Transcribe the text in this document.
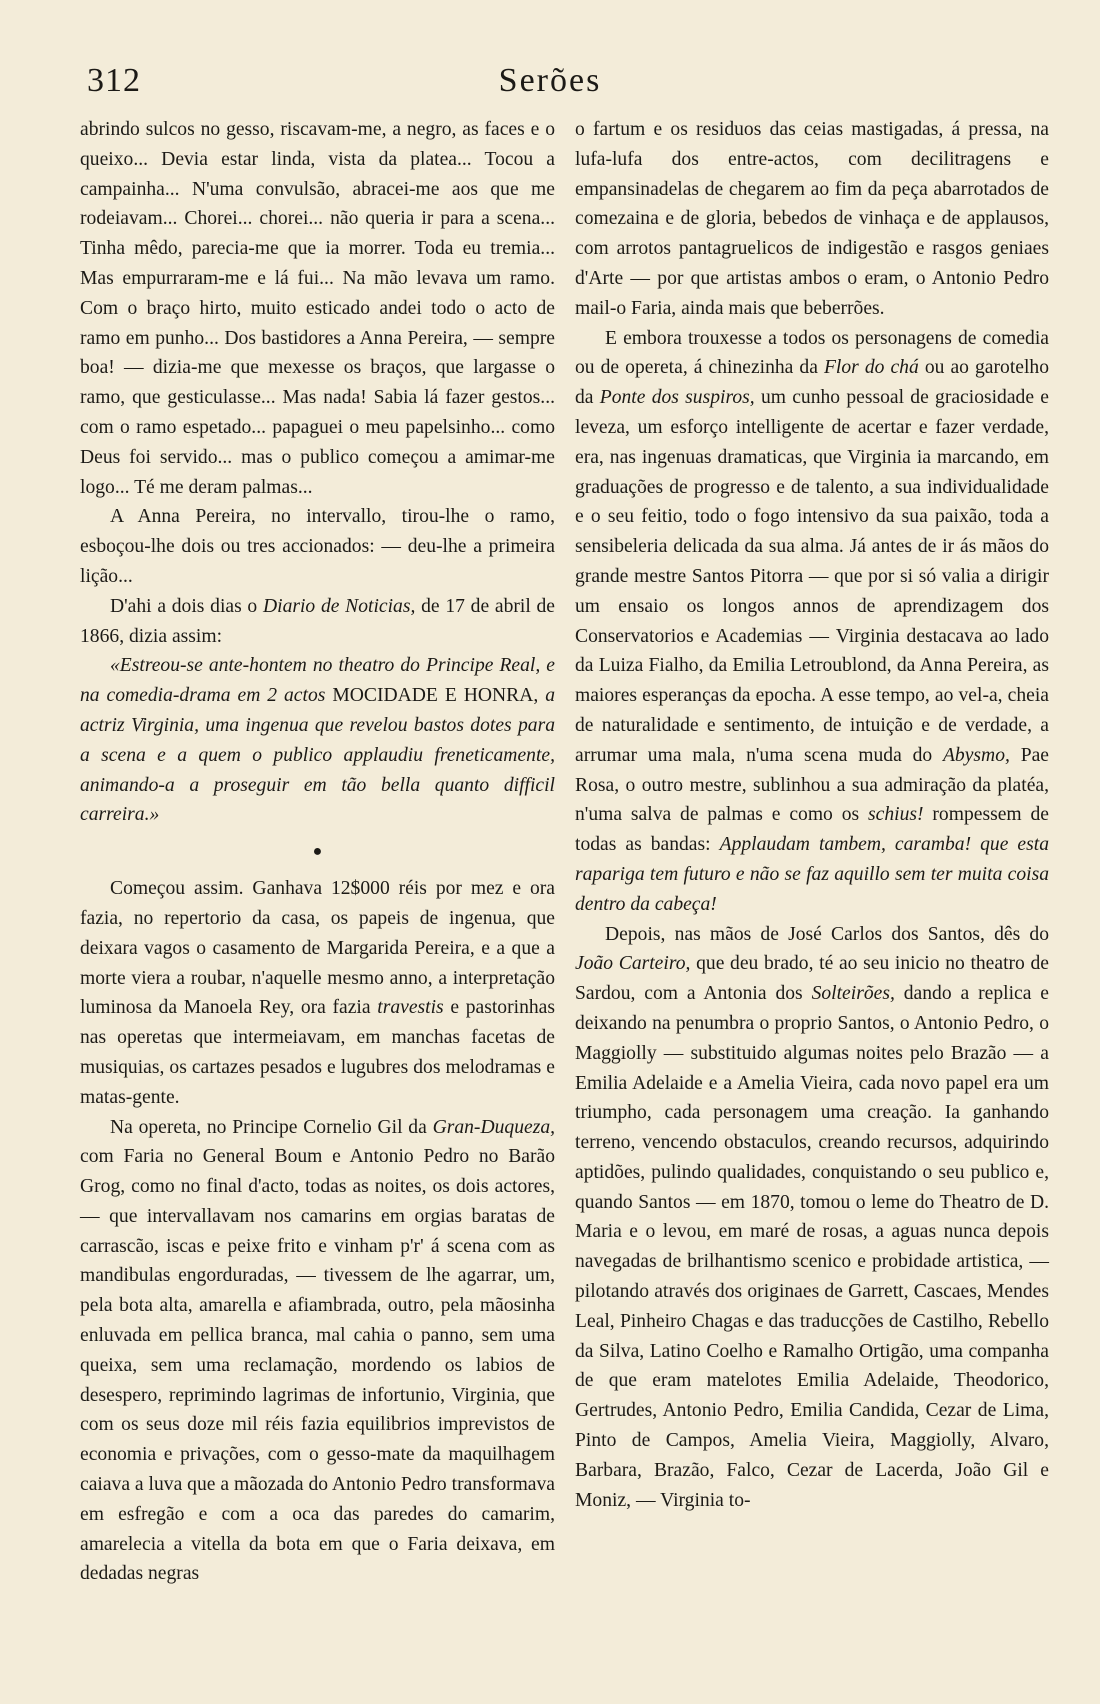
312	Serões

abrindo sulcos no gesso, riscavam-me, a negro, as faces e o queixo... Devia estar linda, vista da platea... Tocou a campainha... N'uma convulsão, abracei-me aos que me rodeiavam... Chorei... chorei... não queria ir para a scena... Tinha mêdo, parecia-me que ia morrer. Toda eu tremia... Mas empurraram-me e lá fui... Na mão levava um ramo. Com o braço hirto, muito esticado andei todo o acto de ramo em punho... Dos bastidores a Anna Pereira, — sempre boa! — dizia-me que mexesse os braços, que largasse o ramo, que gesticulasse... Mas nada! Sabia lá fazer gestos... com o ramo espetado... papaguei o meu papelsinho... como Deus foi servido... mas o publico começou a amimar-me logo... Té me deram palmas...

A Anna Pereira, no intervallo, tirou-lhe o ramo, esboçou-lhe dois ou tres accionados: — deu-lhe a primeira lição...

D'ahi a dois dias o Diario de Noticias, de 17 de abril de 1866, dizia assim:

«Estreou-se ante-hontem no theatro do Principe Real, e na comedia-drama em 2 actos MOCIDADE E HONRA, a actriz Virginia, uma ingenua que revelou bastos dotes para a scena e a quem o publico applaudiu freneticamente, animando-a a proseguir em tão bella quanto difficil carreira.»

●

Começou assim. Ganhava 12$000 réis por mez e ora fazia, no repertorio da casa, os papeis de ingenua, que deixara vagos o casamento de Margarida Pereira, e a que a morte viera a roubar, n'aquelle mesmo anno, a interpretação luminosa da Manoela Rey, ora fazia travestis e pastorinhas nas operetas que intermeiavam, em manchas facetas de musiquias, os cartazes pesados e lugubres dos melodramas e matas-gente.

Na opereta, no Principe Cornelio Gil da Gran-Duqueza, com Faria no General Boum e Antonio Pedro no Barão Grog, como no final d'acto, todas as noites, os dois actores, — que intervallavam nos camarins em orgias baratas de carrascão, iscas e peixe frito e vinham p'r' á scena com as mandibulas engorduradas, — tivessem de lhe agarrar, um, pela bota alta, amarella e afiambrada, outro, pela mãosinha enluvada em pellica branca, mal cahia o panno, sem uma queixa, sem uma reclamação, mordendo os labios de desespero, reprimindo lagrimas de infortunio, Virginia, que com os seus doze mil réis fazia equilibrios imprevistos de economia e privações, com o gesso-mate da maquilhagem caiava a luva que a mãozada do Antonio Pedro transformava em esfregão e com a oca das paredes do camarim, amarelecia a vitella da bota em que o Faria deixava, em dedadas negras

o fartum e os residuos das ceias mastigadas, á pressa, na lufa-lufa dos entre-actos, com decilitragens e empansinadelas de chegarem ao fim da peça abarrotados de comezaina e de gloria, bebedos de vinhaça e de applausos, com arrotos pantagruelicos de indigestão e rasgos geniaes d'Arte — por que artistas ambos o eram, o Antonio Pedro mail-o Faria, ainda mais que beberrões.

E embora trouxesse a todos os personagens de comedia ou de opereta, á chinezinha da Flor do chá ou ao garotelho da Ponte dos suspiros, um cunho pessoal de graciosidade e leveza, um esforço intelligente de acertar e fazer verdade, era, nas ingenuas dramaticas, que Virginia ia marcando, em graduações de progresso e de talento, a sua individualidade e o seu feitio, todo o fogo intensivo da sua paixão, toda a sensibeleria delicada da sua alma. Já antes de ir ás mãos do grande mestre Santos Pitorra — que por si só valia a dirigir um ensaio os longos annos de aprendizagem dos Conservatorios e Academias — Virginia destacava ao lado da Luiza Fialho, da Emilia Letroublond, da Anna Pereira, as maiores esperanças da epocha. A esse tempo, ao vel-a, cheia de naturalidade e sentimento, de intuição e de verdade, a arrumar uma mala, n'uma scena muda do Abysmo, Pae Rosa, o outro mestre, sublinhou a sua admiração da platéa, n'uma salva de palmas e como os schius! rompessem de todas as bandas: Applaudam tambem, caramba! que esta rapariga tem futuro e não se faz aquillo sem ter muita coisa dentro da cabeça!

Depois, nas mãos de José Carlos dos Santos, dês do João Carteiro, que deu brado, té ao seu inicio no theatro de Sardou, com a Antonia dos Solteirões, dando a replica e deixando na penumbra o proprio Santos, o Antonio Pedro, o Maggiolly — substituido algumas noites pelo Brazão — a Emilia Adelaide e a Amelia Vieira, cada novo papel era um triumpho, cada personagem uma creação. Ia ganhando terreno, vencendo obstaculos, creando recursos, adquirindo aptidões, pulindo qualidades, conquistando o seu publico e, quando Santos — em 1870, tomou o leme do Theatro de D. Maria e o levou, em maré de rosas, a aguas nunca depois navegadas de brilhantismo scenico e probidade artistica, — pilotando através dos originaes de Garrett, Cascaes, Mendes Leal, Pinheiro Chagas e das traducções de Castilho, Rebello da Silva, Latino Coelho e Ramalho Ortigão, uma companha de que eram matelotes Emilia Adelaide, Theodorico, Gertrudes, Antonio Pedro, Emilia Candida, Cezar de Lima, Pinto de Campos, Amelia Vieira, Maggiolly, Alvaro, Barbara, Brazão, Falco, Cezar de Lacerda, João Gil e Moniz, — Virginia to-
